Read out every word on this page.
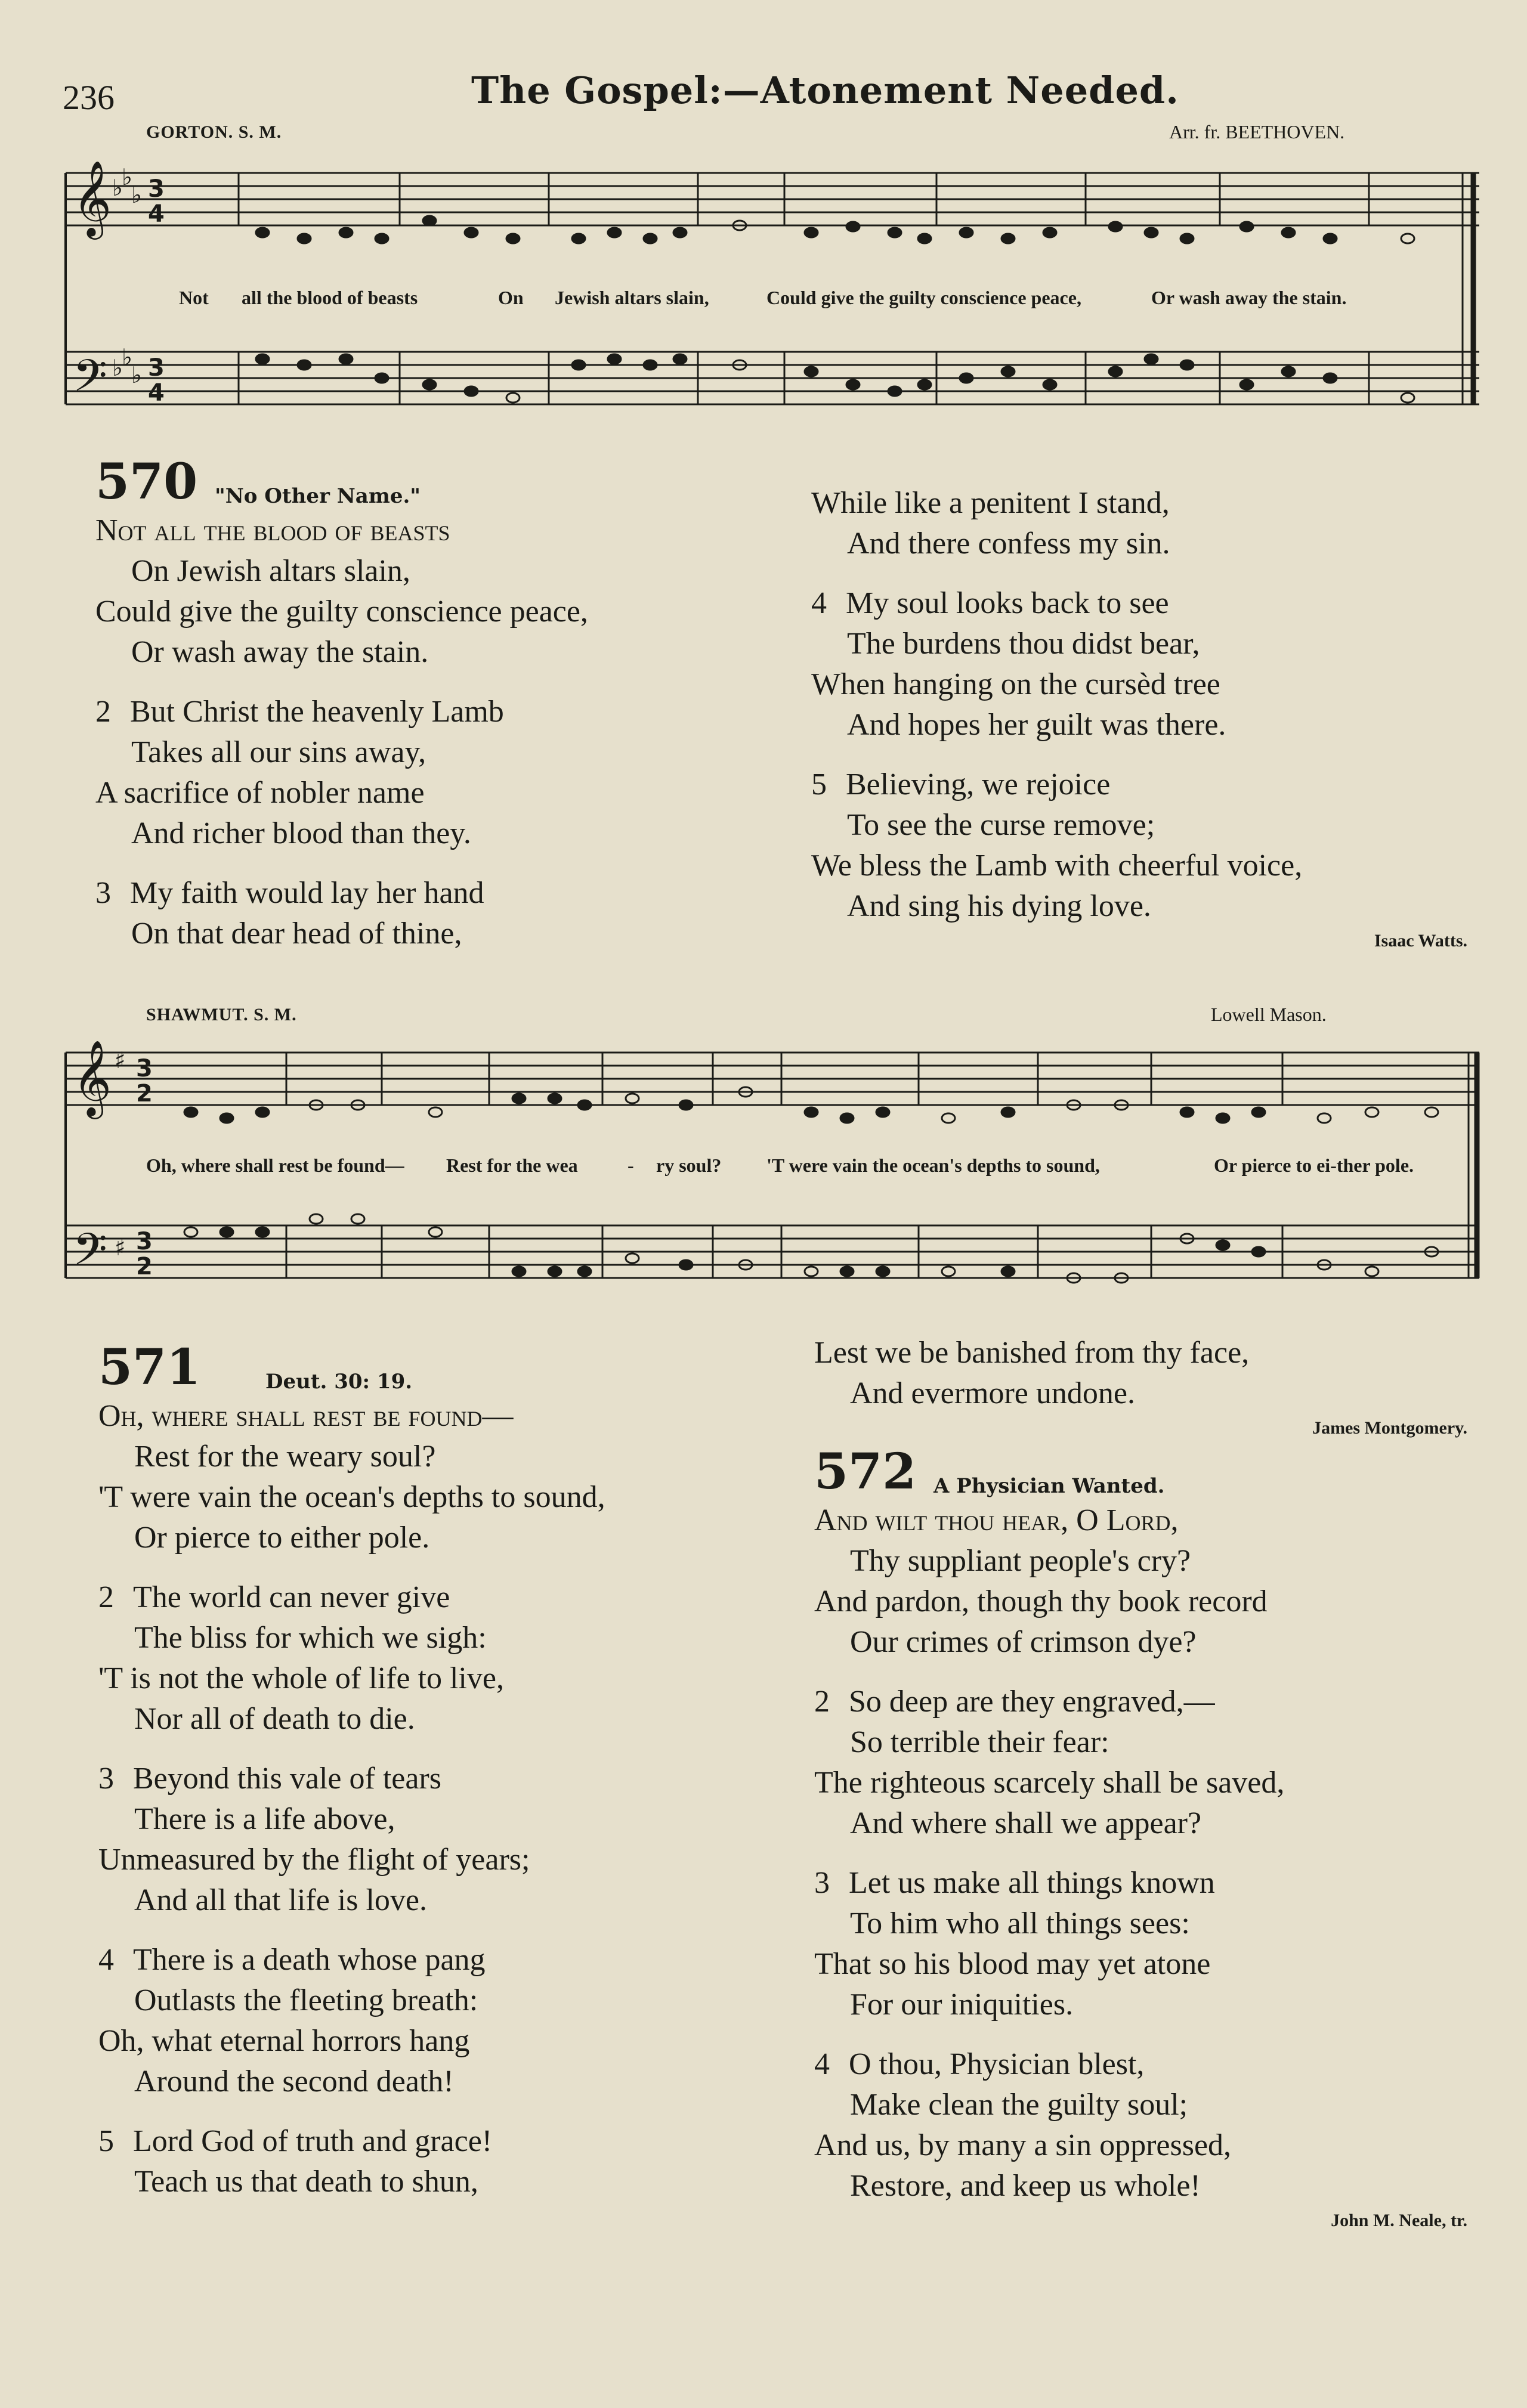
236	The Gospel:—Atonement Needed.
GORTON. S. M.	Arr. fr. BEETHOVEN.
𝄞
𝄢
♭
♭
♭
♭
♭
♭
3
4
3
4
Not all the blood of beasts	On Jewish altars slain,	Could give the guilty conscience peace,	Or wash away the stain.
570 "No Other Name."
Not all the blood of beasts
On Jewish altars slain,
Could give the guilty conscience peace,
Or wash away the stain.
2 But Christ the heavenly Lamb
Takes all our sins away,
A sacrifice of nobler name
And richer blood than they.
3 My faith would lay her hand
On that dear head of thine,
While like a penitent I stand,
And there confess my sin.
4 My soul looks back to see
The burdens thou didst bear,
When hanging on the cursèd tree
And hopes her guilt was there.
5 Believing, we rejoice
To see the curse remove;
We bless the Lamb with cheerful voice,
And sing his dying love.
Isaac Watts.
SHAWMUT. S. M.	Lowell Mason.
𝄞
𝄢
♯
♯
3
2
3
2
Oh, where shall rest be found— Rest for the wea	- ry soul? 'T were vain the ocean's depths to sound,	Or pierce to ei-ther pole.
571	Deut. 30: 19.
Oh, where shall rest be found—
Rest for the weary soul?
'T were vain the ocean's depths to sound,
Or pierce to either pole.
2 The world can never give
The bliss for which we sigh:
'T is not the whole of life to live,
Nor all of death to die.
3 Beyond this vale of tears
There is a life above,
Unmeasured by the flight of years;
And all that life is love.
4 There is a death whose pang
Outlasts the fleeting breath:
Oh, what eternal horrors hang
Around the second death!
5 Lord God of truth and grace!
Teach us that death to shun,
Lest we be banished from thy face,
And evermore undone.
James Montgomery.
572 A Physician Wanted.
And wilt thou hear, O Lord,
Thy suppliant people's cry?
And pardon, though thy book record
Our crimes of crimson dye?
2 So deep are they engraved,—
So terrible their fear:
The righteous scarcely shall be saved,
And where shall we appear?
3 Let us make all things known
To him who all things sees:
That so his blood may yet atone
For our iniquities.
4 O thou, Physician blest,
Make clean the guilty soul;
And us, by many a sin oppressed,
Restore, and keep us whole!
John M. Neale, tr.
